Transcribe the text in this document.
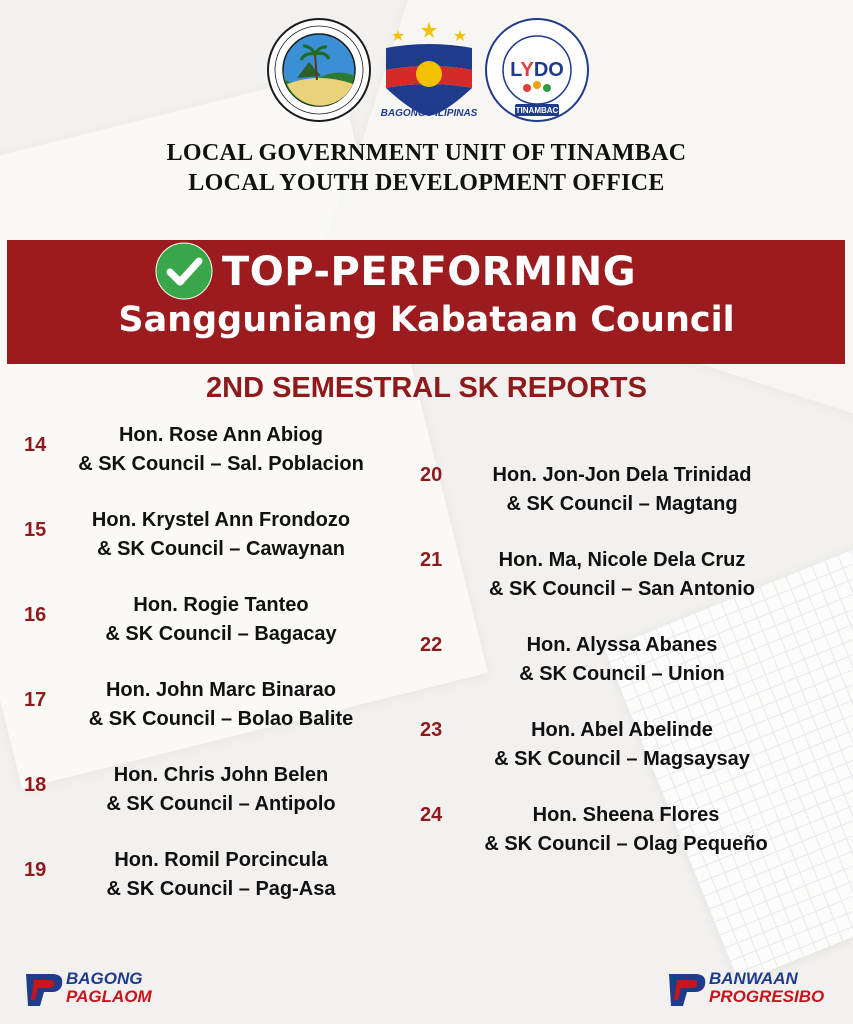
BAGONG PILIPINAS
LYDO
TINAMBAC
LOCAL GOVERNMENT UNIT OF TINAMBAC
LOCAL YOUTH DEVELOPMENT OFFICE
TOP-PERFORMING
Sangguniang Kabataan Council
2ND SEMESTRAL SK REPORTS
14	Hon. Rose Ann Abiog
& SK Council – Sal. Poblacion
15	Hon. Krystel Ann Frondozo
& SK Council – Cawaynan
16	Hon. Rogie Tanteo
& SK Council – Bagacay
17	Hon. John Marc Binarao
& SK Council – Bolao Balite
18	Hon. Chris John Belen
& SK Council – Antipolo
19	Hon. Romil Porcincula
& SK Council – Pag-Asa
20	Hon. Jon-Jon Dela Trinidad
& SK Council – Magtang
21	Hon. Ma, Nicole Dela Cruz
& SK Council – San Antonio
22	Hon. Alyssa Abanes
& SK Council – Union
23	Hon. Abel Abelinde
& SK Council – Magsaysay
24	Hon. Sheena Flores
& SK Council – Olag Pequeño
BAGONG
PAGLAOM
BANWAAN
PROGRESIBO
